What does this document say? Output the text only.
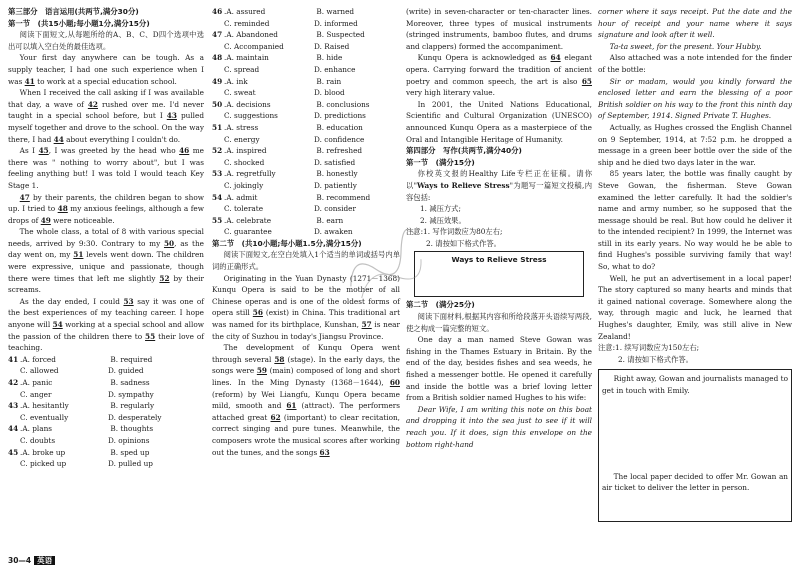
第三部分　语言运用(共两节,满分30分)
第一节　(共15小题;每小题1分,满分15分)

阅读下面短文,从每题所给的A、B、C、D四个选项中选出可以填入空白处的最佳选项。

Your first day anywhere can be tough. As a supply teacher, I had one such experience when I was 41 to work at a special education school.

When I received the call asking if I was available that day, a wave of 42 rushed over me. I'd never taught in a special school before, but I 43 pulled myself together and drove to the school. On the way there, I had 44 about everything I couldn't do.

As I 45, I was greeted by the head who 46 me there was " nothing to worry about", but I was feeling anything but! I was told I would teach Key Stage 1.

47 by their parents, the children began to show up. I tried to 48 my anxious feelings, although a few drops of 49 were noticeable.

The whole class, a total of 8 with various special needs, arrived by 9:30. Contrary to my 50, as the day went on, my 51 levels went down. The children were expressive, unique and passionate, though there were times that left me slightly 52 by their screams.

As the day ended, I could 53 say it was one of the best experiences of my teaching career. I hope anyone will 54 working at a special school and allow the passion of the children there to 55 their love of teaching.

41 . A. forced	B. required
C. allowed	D. guided
42 . A. panic	B. sadness
C. anger	D. sympathy
43 . A. hesitantly	B. regularly
C. eventually	D. desperately
44 . A. plans	B. thoughts
C. doubts	D. opinions
45 . A. broke up	B. sped up
C. picked up	D. pulled up
46 . A. assured	B. warned
C. reminded	D. informed
47 . A. Abandoned	B. Suspected
C. Accompanied	D. Raised
48 . A. maintain	B. hide
C. spread	D. enhance
49 . A. ink	B. rain
C. sweat	D. blood
50 . A. decisions	B. conclusions
C. suggestions	D. predictions
51 . A. stress	B. education
C. energy	D. confidence
52 . A. inspired	B. refreshed
C. shocked	D. satisfied
53 . A. regretfully	B. honestly
C. jokingly	D. patiently
54 . A. admit	B. recommend
C. tolerate	D. consider
55 . A. celebrate	B. earn
C. guarantee	D. awaken
第二节　(共10小题;每小题1.5分,满分15分)

阅读下面短文,在空白处填入1个适当的单词或括号内单词的正确形式。

Originating in the Yuan Dynasty (1271－1368) Kunqu Opera is said to be the mother of all Chinese operas and is one of the oldest forms of opera still 56 (exist) in China. This traditional art was named for its birthplace, Kunshan, 57 is near the city of Suzhou in today's Jiangsu Province.

The development of Kunqu Opera went through several 58 (stage). In the early days, the songs were 59 (main) composed of long and short lines. In the Ming Dynasty (1368－1644), 60 (reform) by Wei Liangfu, Kunqu Opera became mild, smooth and 61 (attract). The performers attached great 62 (important) to clear recitation, correct singing and pure tunes. Meanwhile, the composers wrote the musical scores after working out the tunes, and the songs 63

(write) in seven-character or ten-character lines. Moreover, three types of musical instruments (stringed instruments, bamboo flutes, and drums and clappers) formed the accompaniment.

Kunqu Opera is acknowledged as 64 elegant opera. Carrying forward the tradition of ancient poetry and common speech, the art is also 65 very high literary value.

In 2001, the United Nations Educational, Scientific and Cultural Organization (UNESCO) announced Kunqu Opera as a masterpiece of the Oral and Intangible Heritage of Humanity.

第四部分　写作(共两节,满分40分)
第一节　(满分15分)

你校英文报的Healthy Life专栏正在征稿。请你以"Ways to Relieve Stress"为题写一篇短文投稿,内容包括:

1. 减压方式;
2. 减压效果。
注意:1. 写作词数应为80左右;
2. 请按如下格式作答。
Ways to Relieve Stress
第二节　(满分25分)

阅读下面材料,根据其内容和所给段落开头语续写两段,使之构成一篇完整的短文。

One day a man named Steve Gowan was fishing in the Thames Estuary in Britain. By the end of the day, besides fishes and sea weeds, he fished a messenger bottle. He opened it carefully and inside the bottle was a brief loving letter from a British soldier named Hughes to his wife:

Dear Wife, I am writing this note on this boat and dropping it into the sea just to see if it will reach you. If it does, sign this envelope on the bottom right-hand

corner where it says receipt. Put the date and the hour of receipt and your name where it says signature and look after it well.

Ta-ta sweet, for the present. Your Hubby.

Also attached was a note intended for the finder of the bottle:

Sir or madam, would you kindly forward the enclosed letter and earn the blessing of a poor British soldier on his way to the front this ninth day of September, 1914. Signed Private T. Hughes.

Actually, as Hughes crossed the English Channel on 9 September, 1914, at 7:52 p.m. he dropped a message in a green beer bottle over the side of the ship and he died two days later in the war.

85 years later, the bottle was finally caught by Steve Gowan, the fisherman. Steve Gowan examined the letter carefully. It had the soldier's name and army number, so he supposed that the message should be real. But how could he deliver it to the intended recipient? In 1999, the Internet was still in its early years. No way would he be able to find Hughes's possible surviving family that way! So, what to do?

Well, he put an advertisement in a local paper! The story captured so many hearts and minds that it gained national coverage. Somewhere along the way, through magic and luck, he learned that Hughes's daughter, Emily, was still alive in New Zealand!

注意:1. 续写词数应为150左右;
2. 请按如下格式作答。

Right away, Gowan and journalists managed to get in touch with Emily.

The local paper decided to offer Mr. Gowan an air ticket to deliver the letter in person.

30—4 英语
